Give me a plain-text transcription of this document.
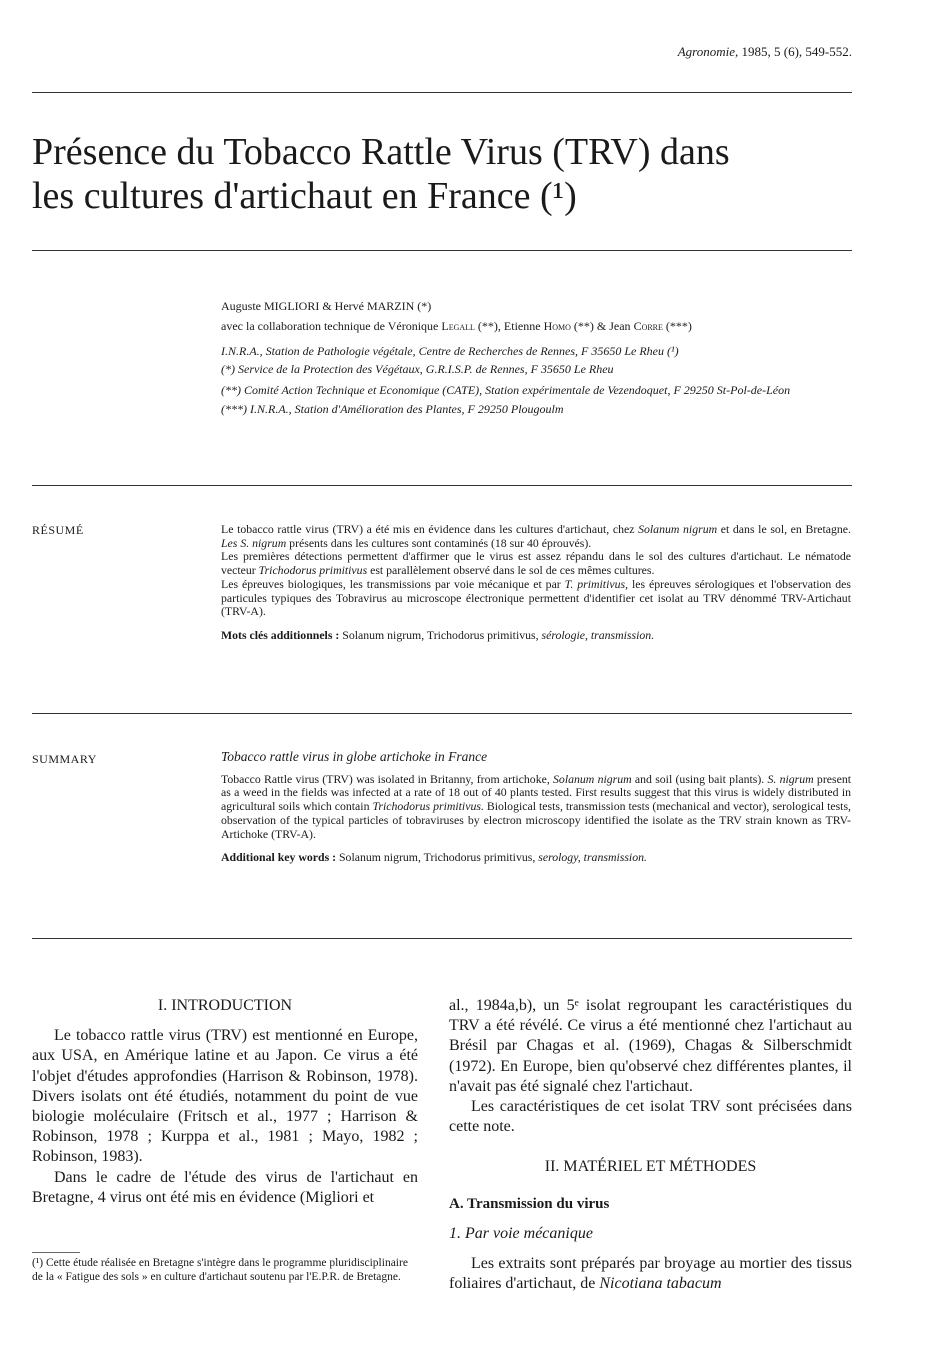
Agronomie, 1985, 5 (6), 549-552.
Présence du Tobacco Rattle Virus (TRV) dans
les cultures d'artichaut en France (¹)
Auguste MIGLIORI & Hervé MARZIN (*)
avec la collaboration technique de Véronique Legall (**), Etienne Homo (**) & Jean Corre (***)
I.N.R.A., Station de Pathologie végétale, Centre de Recherches de Rennes, F 35650 Le Rheu (¹)
(*) Service de la Protection des Végétaux, G.R.I.S.P. de Rennes, F 35650 Le Rheu
(**) Comité Action Technique et Economique (CATE), Station expérimentale de Vezendoquet, F 29250 St-Pol-de-Léon
(***) I.N.R.A., Station d'Amélioration des Plantes, F 29250 Plougoulm
RÉSUMÉ	Le tobacco rattle virus (TRV) a été mis en évidence dans les cultures d'artichaut, chez Solanum nigrum et dans le sol, en Bretagne. Les S. nigrum présents dans les cultures sont contaminés (18 sur 40 éprouvés).

Les premières détections permettent d'affirmer que le virus est assez répandu dans le sol des cultures d'artichaut. Le nématode vecteur Trichodorus primitivus est parallèlement observé dans le sol de ces mêmes cultures.

Les épreuves biologiques, les transmissions par voie mécanique et par T. primitivus, les épreuves sérologiques et l'observation des particules typiques des Tobravirus au microscope électronique permettent d'identifier cet isolat au TRV dénommé TRV-Artichaut (TRV-A).

Mots clés additionnels : Solanum nigrum, Trichodorus primitivus, sérologie, transmission.

SUMMARY	Tobacco rattle virus in globe artichoke in France

Tobacco Rattle virus (TRV) was isolated in Britanny, from artichoke, Solanum nigrum and soil (using bait plants). S. nigrum present as a weed in the fields was infected at a rate of 18 out of 40 plants tested. First results suggest that this virus is widely distributed in agricultural soils which contain Trichodorus primitivus. Biological tests, transmission tests (mechanical and vector), serological tests, observation of the typical particles of tobraviruses by electron microscopy identified the isolate as the TRV strain known as TRV-Artichoke (TRV-A).

Additional key words : Solanum nigrum, Trichodorus primitivus, serology, transmission.

I. INTRODUCTION

Le tobacco rattle virus (TRV) est mentionné en Europe, aux USA, en Amérique latine et au Japon. Ce virus a été l'objet d'études approfondies (Harrison & Robinson, 1978). Divers isolats ont été étudiés, notamment du point de vue biologie moléculaire (Fritsch et al., 1977 ; Harrison & Robinson, 1978 ; Kurppa et al., 1981 ; Mayo, 1982 ; Robinson, 1983).

Dans le cadre de l'étude des virus de l'artichaut en Bretagne, 4 virus ont été mis en évidence (Migliori et

(¹) Cette étude réalisée en Bretagne s'intègre dans le programme pluridisciplinaire de la « Fatigue des sols » en culture d'artichaut soutenu par l'E.P.R. de Bretagne.

al., 1984a,b), un 5ᵉ isolat regroupant les caractéristiques du TRV a été révélé. Ce virus a été mentionné chez l'artichaut au Brésil par Chagas et al. (1969), Chagas & Silberschmidt (1972). En Europe, bien qu'observé chez différentes plantes, il n'avait pas été signalé chez l'artichaut.

Les caractéristiques de cet isolat TRV sont précisées dans cette note.

II. MATÉRIEL ET MÉTHODES
A. Transmission du virus
1. Par voie mécanique

Les extraits sont préparés par broyage au mortier des tissus foliaires d'artichaut, de Nicotiana tabacum
